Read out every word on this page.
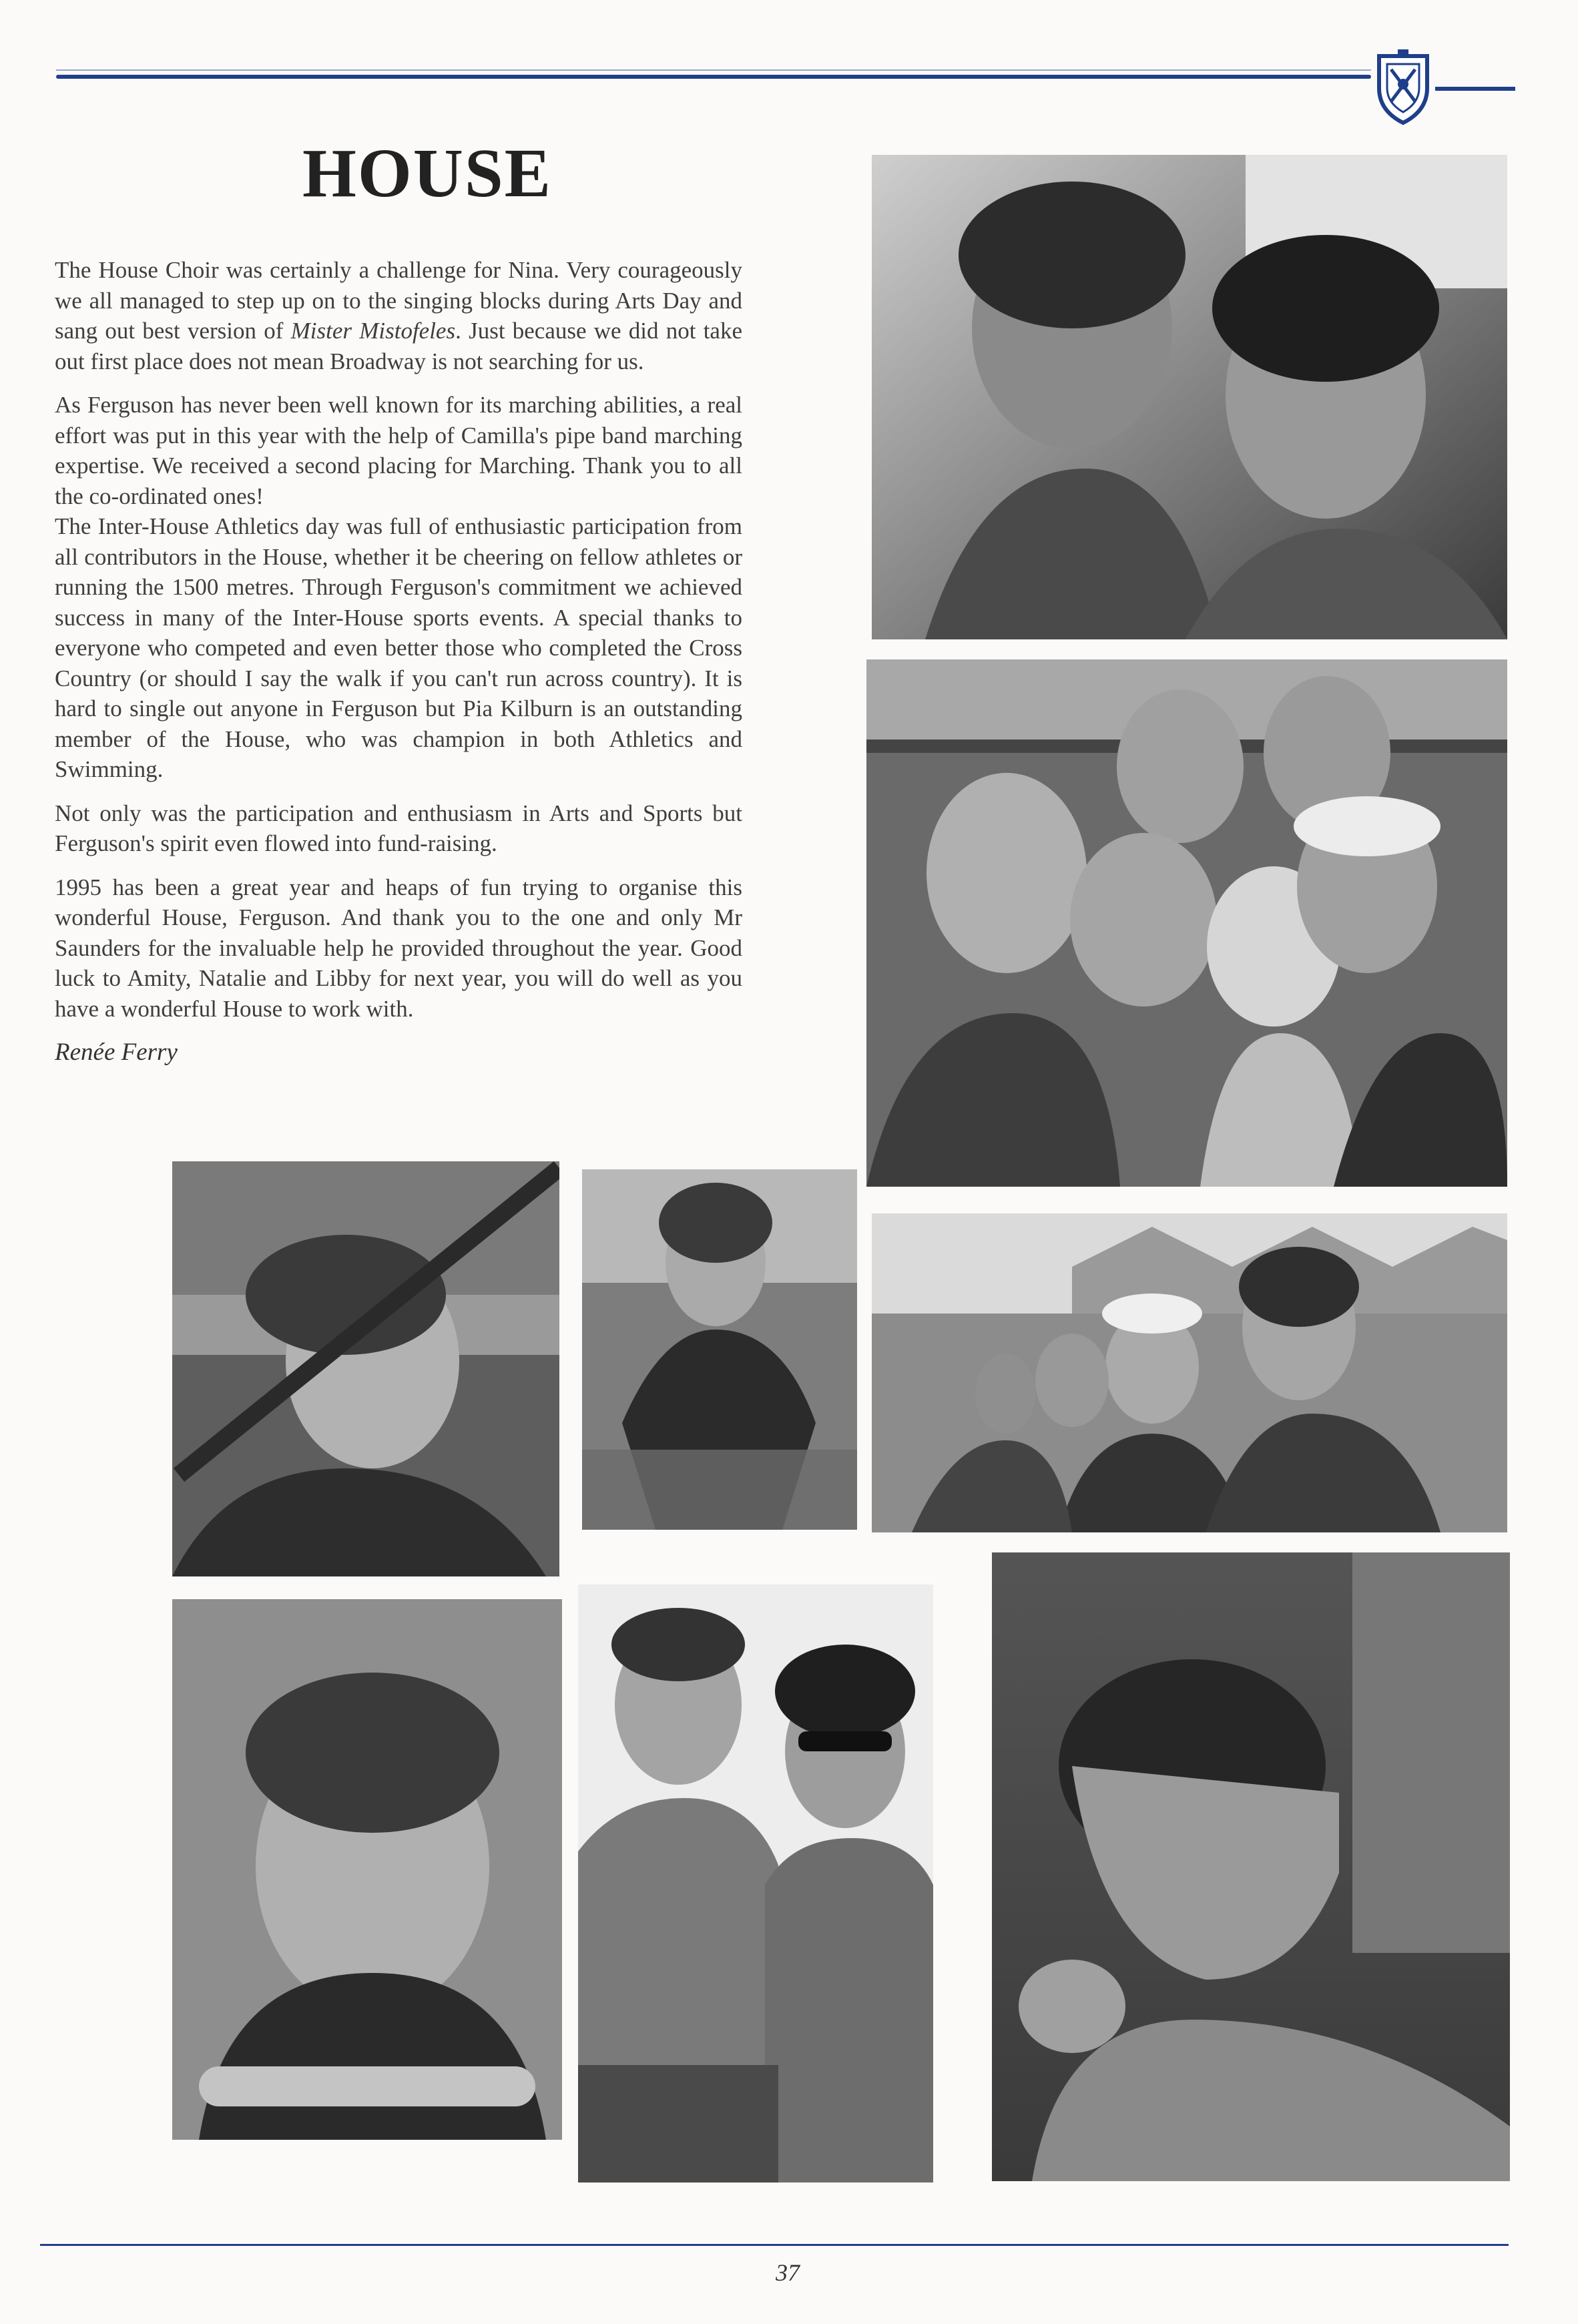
HOUSE

The House Choir was certainly a challenge for Nina. Very courageously we all managed to step up on to the singing blocks during Arts Day and sang out best version of Mister Mistofeles. Just because we did not take out first place does not mean Broadway is not searching for us.

As Ferguson has never been well known for its marching abilities, a real effort was put in this year with the help of Camilla's pipe band marching expertise. We received a second placing for Marching. Thank you to all the co-ordinated ones!

The Inter-House Athletics day was full of enthusiastic participation from all contributors in the House, whether it be cheering on fellow athletes or running the 1500 metres. Through Ferguson's commitment we achieved success in many of the Inter-House sports events. A special thanks to everyone who competed and even better those who completed the Cross Country (or should I say the walk if you can't run across country). It is hard to single out anyone in Ferguson but Pia Kilburn is an outstanding member of the House, who was champion in both Athletics and Swimming.

Not only was the participation and enthusiasm in Arts and Sports but Ferguson's spirit even flowed into fund-raising.

1995 has been a great year and heaps of fun trying to organise this wonderful House, Ferguson. And thank you to the one and only Mr Saunders for the invaluable help he provided throughout the year. Good luck to Amity, Natalie and Libby for next year, you will do well as you have a wonderful House to work with.

Renée Ferry
37
